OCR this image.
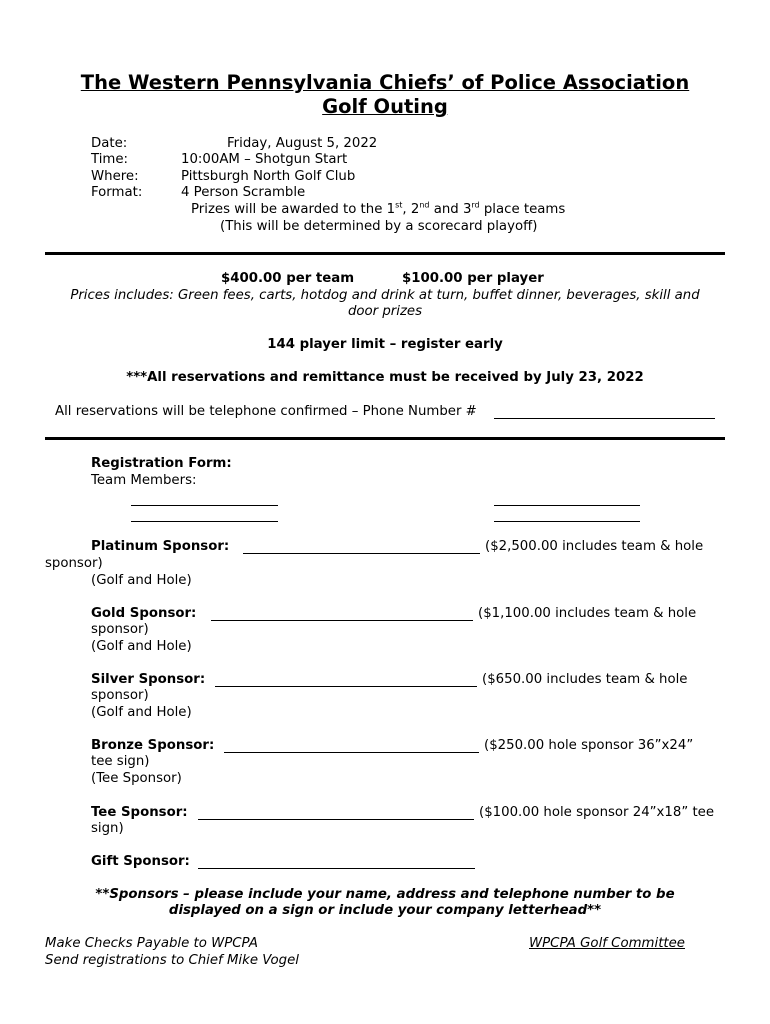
The Western Pennsylvania Chiefs’ of Police Association
Golf Outing
Date:	Friday, August 5, 2022
Time:	10:00AM – Shotgun Start
Where:	Pittsburgh North Golf Club
Format:	4 Person Scramble
Prizes will be awarded to the 1st, 2nd and 3rd place teams
(This will be determined by a scorecard playoff)
$400.00 per team	$100.00 per player
Prices includes: Green fees, carts, hotdog and drink at turn, buffet dinner, beverages, skill and
door prizes
144 player limit – register early
***All reservations and remittance must be received by July 23, 2022
All reservations will be telephone confirmed – Phone Number #
Registration Form:
Team Members:
Platinum Sponsor:	($2,500.00 includes team & hole
sponsor)
(Golf and Hole)
Gold Sponsor:	($1,100.00 includes team & hole
sponsor)
(Golf and Hole)
Silver Sponsor:	($650.00 includes team & hole
sponsor)
(Golf and Hole)
Bronze Sponsor:	($250.00 hole sponsor 36”x24”
tee sign)
(Tee Sponsor)
Tee Sponsor:	($100.00 hole sponsor 24”x18” tee
sign)
Gift Sponsor:
**Sponsors – please include your name, address and telephone number to be
displayed on a sign or include your company letterhead**
Make Checks Payable to WPCPA
Send registrations to Chief Mike Vogel
WPCPA Golf Committee
